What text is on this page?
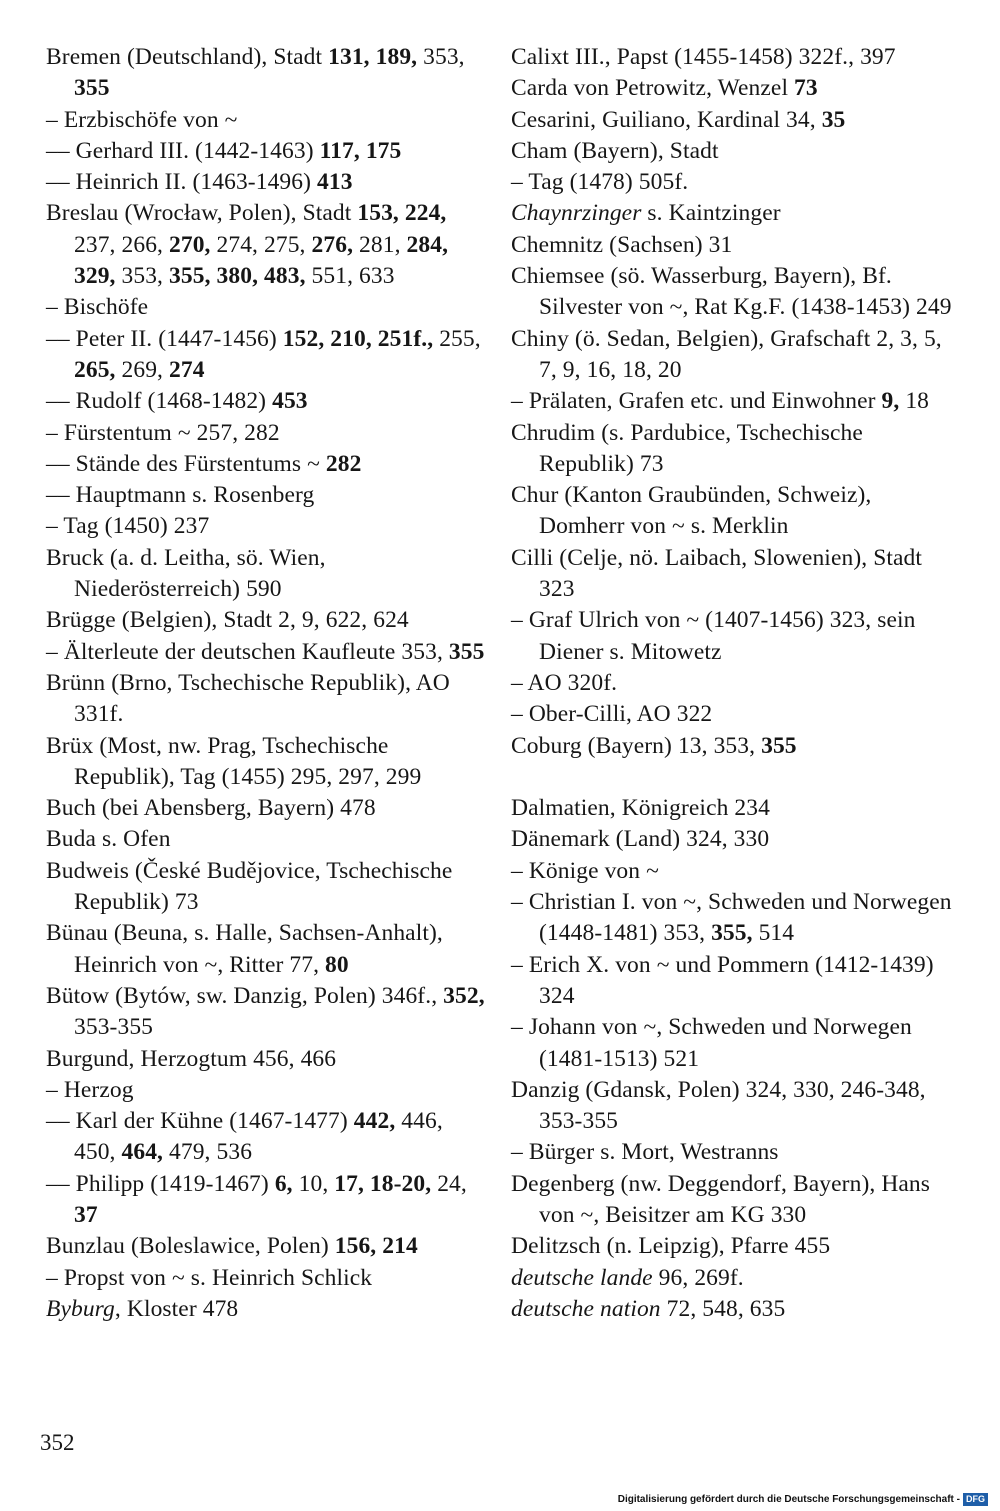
Bremen (Deutschland), Stadt 131, 189, 353, 355
– Erzbischöfe von ~
–– Gerhard III. (1442-1463) 117, 175
–– Heinrich II. (1463-1496) 413
Breslau (Wrocław, Polen), Stadt 153, 224, 237, 266, 270, 274, 275, 276, 281, 284, 329, 353, 355, 380, 483, 551, 633
– Bischöfe
–– Peter II. (1447-1456) 152, 210, 251f., 255, 265, 269, 274
–– Rudolf (1468-1482) 453
– Fürstentum ~ 257, 282
–– Stände des Fürstentums ~ 282
–– Hauptmann s. Rosenberg
– Tag (1450) 237
Bruck (a. d. Leitha, sö. Wien, Niederösterreich) 590
Brügge (Belgien), Stadt 2, 9, 622, 624
– Älterleute der deutschen Kaufleute 353, 355
Brünn (Brno, Tschechische Republik), AO 331f.
Brüx (Most, nw. Prag, Tschechische Republik), Tag (1455) 295, 297, 299
Buch (bei Abensberg, Bayern) 478
Buda s. Ofen
Budweis (České Budějovice, Tschechische Republik) 73
Bünau (Beuna, s. Halle, Sachsen-Anhalt), Heinrich von ~, Ritter 77, 80
Bütow (Bytów, sw. Danzig, Polen) 346f., 352, 353-355
Burgund, Herzogtum 456, 466
– Herzog
–– Karl der Kühne (1467-1477) 442, 446, 450, 464, 479, 536
–– Philipp (1419-1467) 6, 10, 17, 18-20, 24, 37
Bunzlau (Boleslawice, Polen) 156, 214
– Propst von ~ s. Heinrich Schlick
Byburg, Kloster 478
Calixt III., Papst (1455-1458) 322f., 397
Carda von Petrowitz, Wenzel 73
Cesarini, Guiliano, Kardinal 34, 35
Cham (Bayern), Stadt
– Tag (1478) 505f.
Chaynrzinger s. Kaintzinger
Chemnitz (Sachsen) 31
Chiemsee (sö. Wasserburg, Bayern), Bf. Silvester von ~, Rat Kg.F. (1438-1453) 249
Chiny (ö. Sedan, Belgien), Grafschaft 2, 3, 5, 7, 9, 16, 18, 20
– Prälaten, Grafen etc. und Einwohner 9, 18
Chrudim (s. Pardubice, Tschechische Republik) 73
Chur (Kanton Graubünden, Schweiz), Domherr von ~ s. Merklin
Cilli (Celje, nö. Laibach, Slowenien), Stadt 323
– Graf Ulrich von ~ (1407-1456) 323, sein Diener s. Mitowetz
– AO 320f.
– Ober-Cilli, AO 322
Coburg (Bayern) 13, 353, 355
Dalmatien, Königreich 234
Dänemark (Land) 324, 330
– Könige von ~
– Christian I. von ~, Schweden und Norwegen (1448-1481) 353, 355, 514
– Erich X. von ~ und Pommern (1412-1439) 324
– Johann von ~, Schweden und Norwegen (1481-1513) 521
Danzig (Gdansk, Polen) 324, 330, 246-348, 353-355
– Bürger s. Mort, Westranns
Degenberg (nw. Deggendorf, Bayern), Hans von ~, Beisitzer am KG 330
Delitzsch (n. Leipzig), Pfarre 455
deutsche lande 96, 269f.
deutsche nation 72, 548, 635
352
Digitalisierung gefördert durch die Deutsche Forschungsgemeinschaft - DFG
